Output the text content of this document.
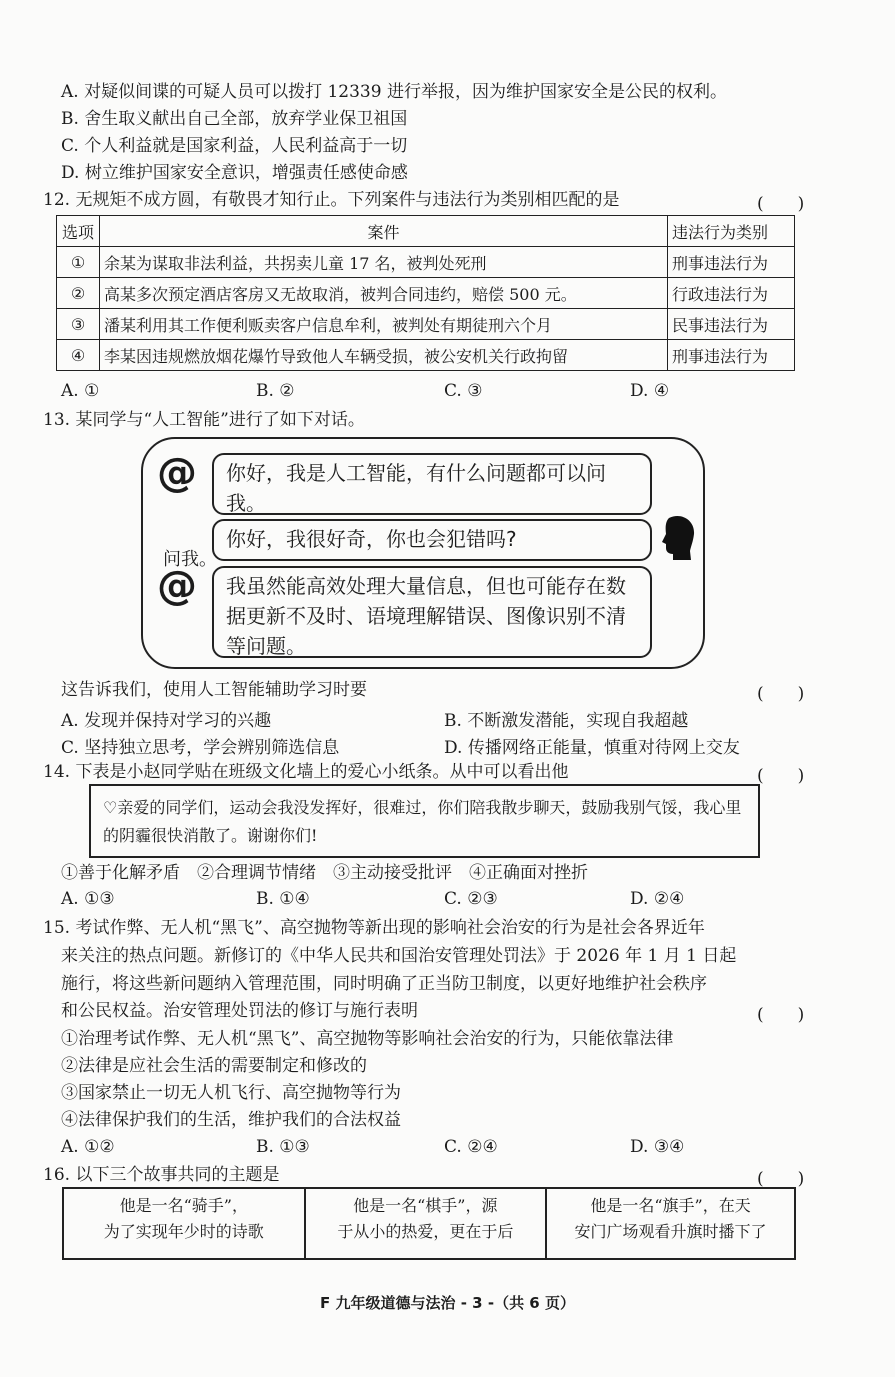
A. 对疑似间谍的可疑人员可以拨打 12339 进行举报，因为维护国家安全是公民的权利。
B. 舍生取义献出自己全部，放弃学业保卫祖国
C. 个人利益就是国家利益，人民利益高于一切
D. 树立维护国家安全意识，增强责任感使命感
12. 无规矩不成方圆，有敬畏才知行止。下列案件与违法行为类别相匹配的是	(　　)
选项	案件	违法行为类别
①	余某为谋取非法利益，共拐卖儿童 17 名，被判处死刑	刑事违法行为
②	高某多次预定酒店客房又无故取消，被判合同违约，赔偿 500 元。	行政违法行为
③	潘某利用其工作便利贩卖客户信息牟利，被判处有期徒刑六个月	民事违法行为
④	李某因违规燃放烟花爆竹导致他人车辆受损，被公安机关行政拘留	刑事违法行为
A. ①	B. ②	C. ③	D. ④
13. 某同学与“人工智能”进行了如下对话。
@	你好，我是人工智能，有什么问题都可以问我。
你好，我很好奇，你也会犯错吗?
问我。
@	我虽然能高效处理大量信息，但也可能存在数据更新不及时、语境理解错误、图像识别不清等问题。
这告诉我们，使用人工智能辅助学习时要	(　　)
A. 发现并保持对学习的兴趣	B. 不断激发潜能，实现自我超越
C. 坚持独立思考，学会辨别筛选信息	D. 传播网络正能量，慎重对待网上交友
14. 下表是小赵同学贴在班级文化墙上的爱心小纸条。从中可以看出他	(　　)
♡亲爱的同学们，运动会我没发挥好，很难过，你们陪我散步聊天，鼓励我别气馁，我心里的阴霾很快消散了。谢谢你们!
①善于化解矛盾　②合理调节情绪　③主动接受批评　④正确面对挫折
A. ①③	B. ①④	C. ②③	D. ②④
15. 考试作弊、无人机“黑飞”、高空抛物等新出现的影响社会治安的行为是社会各界近年
来关注的热点问题。新修订的《中华人民共和国治安管理处罚法》于 2026 年 1 月 1 日起
施行，将这些新问题纳入管理范围，同时明确了正当防卫制度，以更好地维护社会秩序
和公民权益。治安管理处罚法的修订与施行表明	(　　)
①治理考试作弊、无人机“黑飞”、高空抛物等影响社会治安的行为，只能依靠法律
②法律是应社会生活的需要制定和修改的
③国家禁止一切无人机飞行、高空抛物等行为
④法律保护我们的生活，维护我们的合法权益
A. ①②	B. ①③	C. ②④	D. ③④
16. 以下三个故事共同的主题是	(　　)
他是一名“骑手”，
为了实现年少时的诗歌

他是一名“棋手”，源
于从小的热爱，更在于后

他是一名“旗手”，在天
安门广场观看升旗时播下了
F 九年级道德与法治 - 3 -（共 6 页）
